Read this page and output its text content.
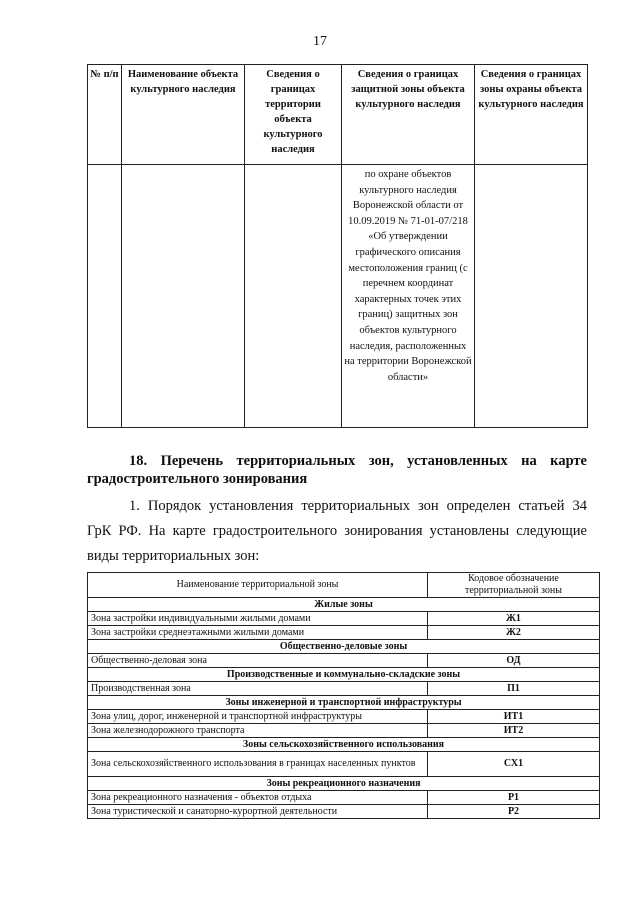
17
№ п/п	Наименование объекта культурного наследия	Сведения о границах территории объекта культурного наследия	Сведения о границах защитной зоны объекта культурного наследия	Сведения о границах зоны охраны объекта культурного наследия
			по охране объектов культурного наследия Воронежской области от 10.09.2019 № 71-01-07/218 «Об утверждении графического описания местоположения границ (с перечнем координат характерных точек этих границ) защитных зон объектов культурного наследия, расположенных на территории Воронежской области»	
18. Перечень территориальных зон, установленных на карте
градостроительного зонирования
1. Порядок установления территориальных зон определен статьей 34
ГрК РФ. На карте градостроительного зонирования установлены следующие
виды территориальных зон:
Наименование территориальной зоны	Кодовое обозначение территориальной зоны
Жилые зоны	
Зона застройки индивидуальными жилыми домами	Ж1
Зона застройки среднеэтажными жилыми домами	Ж2
Общественно-деловые зоны	
Общественно-деловая зона	ОД
Производственные и коммунально-складские зоны	
Производственная зона	П1
Зоны инженерной и транспортной инфраструктуры	
Зона улиц, дорог, инженерной и транспортной инфраструктуры	ИТ1
Зона железнодорожного транспорта	ИТ2
Зоны сельскохозяйственного использования	
Зона сельскохозяйственного использования в границах населенных пунктов	СХ1
Зоны рекреационного назначения	
Зона рекреационного назначения - объектов отдыха	Р1
Зона туристической и санаторно-курортной деятельности	Р2
